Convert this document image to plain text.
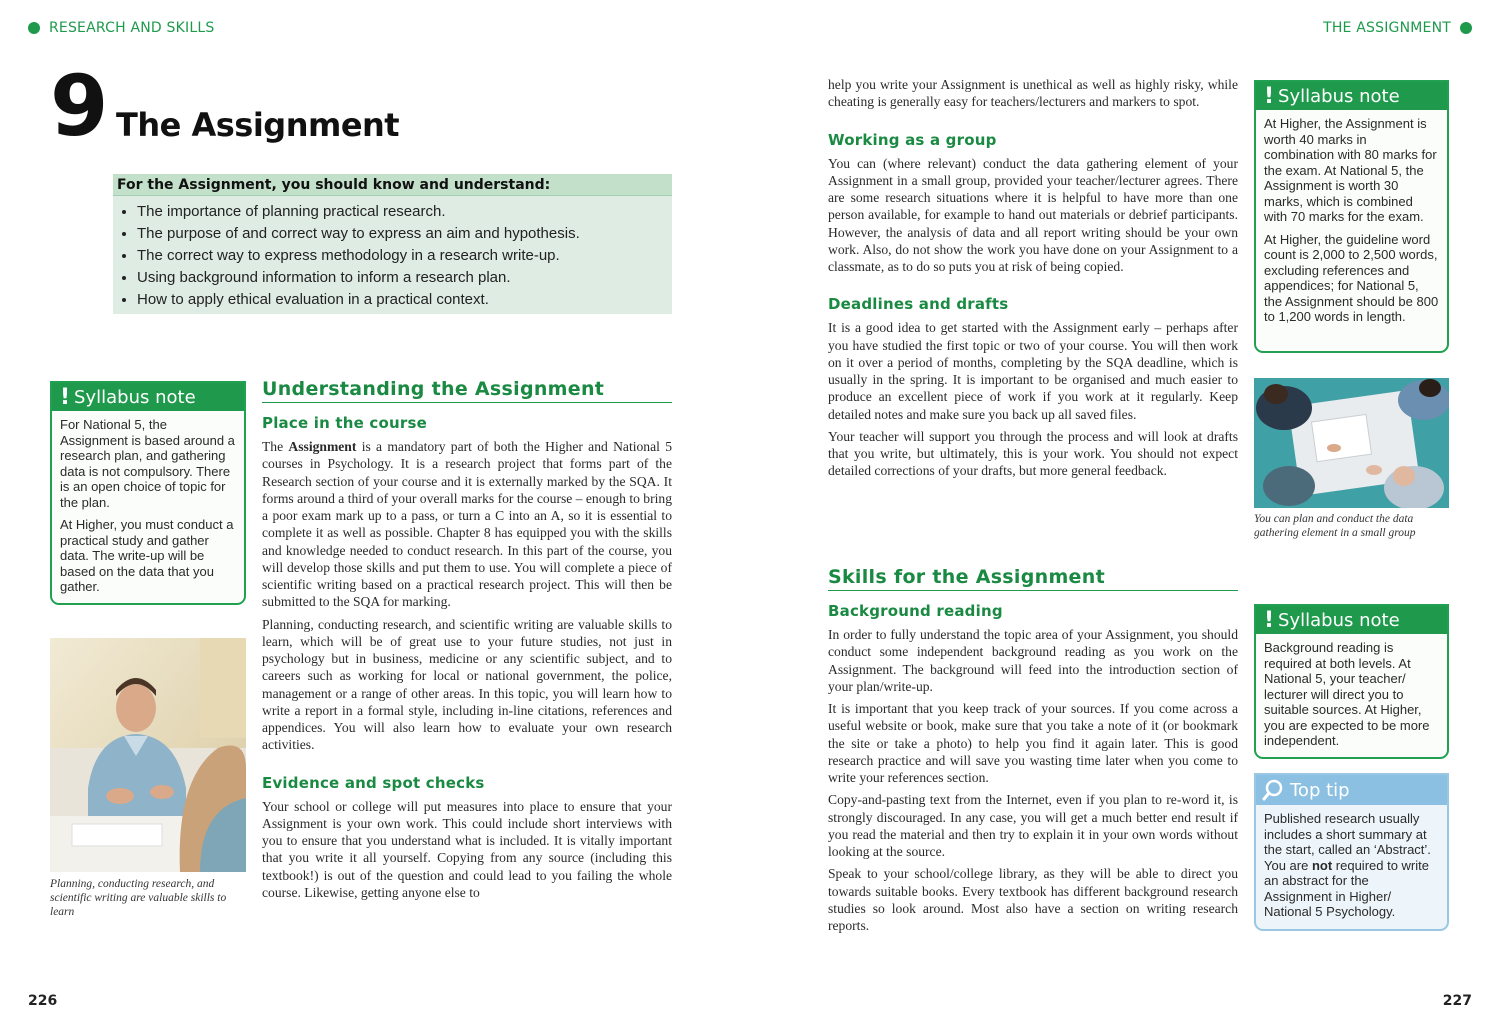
RESEARCH AND SKILLS	THE ASSIGNMENT
9 The Assignment
For the Assignment, you should know and understand:
• The importance of planning practical research.
• The purpose of and correct way to express an aim and hypothesis.
• The correct way to express methodology in a research write-up.
• Using background information to inform a research plan.
• How to apply ethical evaluation in a practical context.
! Syllabus note

For National 5, the Assignment is based around a research plan, and gathering data is not compulsory. There is an open choice of topic for the plan.

At Higher, you must conduct a practical study and gather data. The write-up will be based on the data that you gather.

Planning, conducting research, and scientific writing are valuable skills to learn
Understanding the Assignment
Place in the course

The Assignment is a mandatory part of both the Higher and National 5 courses in Psychology. It is a research project that forms part of the Research section of your course and it is externally marked by the SQA. It forms around a third of your overall marks for the course – enough to bring a poor exam mark up to a pass, or turn a C into an A, so it is essential to complete it as well as possible. Chapter 8 has equipped you with the skills and knowledge needed to conduct research. In this part of the course, you will develop those skills and put them to use. You will complete a piece of scientific writing based on a practical research project. This will then be submitted to the SQA for marking.

Planning, conducting research, and scientific writing are valuable skills to learn, which will be of great use to your future studies, not just in psychology but in business, medicine or any scientific subject, and to careers such as working for local or national government, the police, management or a range of other areas. In this topic, you will learn how to write a report in a formal style, including in-line citations, references and appendices. You will also learn how to evaluate your own research activities.

Evidence and spot checks

Your school or college will put measures into place to ensure that your Assignment is your own work. This could include short interviews with you to ensure that you understand what is included. It is vitally important that you write it all yourself. Copying from any source (including this textbook!) is out of the question and could lead to you failing the whole course. Likewise, getting anyone else to

help you write your Assignment is unethical as well as highly risky, while cheating is generally easy for teachers/lecturers and markers to spot.

Working as a group

You can (where relevant) conduct the data gathering element of your Assignment in a small group, provided your teacher/lecturer agrees. There are some research situations where it is helpful to have more than one person available, for example to hand out materials or debrief participants. However, the analysis of data and all report writing should be your own work. Also, do not show the work you have done on your Assignment to a classmate, as to do so puts you at risk of being copied.

Deadlines and drafts

It is a good idea to get started with the Assignment early – perhaps after you have studied the first topic or two of your course. You will then work on it over a period of months, completing by the SQA deadline, which is usually in the spring. It is important to be organised and much easier to produce an excellent piece of work if you work at it regularly. Keep detailed notes and make sure you back up all saved files.

Your teacher will support you through the process and will look at drafts that you write, but ultimately, this is your work. You should not expect detailed corrections of your drafts, but more general feedback.

Skills for the Assignment
Background reading

In order to fully understand the topic area of your Assignment, you should conduct some independent background reading as you work on the Assignment. The background will feed into the introduction section of your plan/write-up.

It is important that you keep track of your sources. If you come across a useful website or book, make sure that you take a note of it (or bookmark the site or take a photo) to help you find it again later. This is good research practice and will save you wasting time later when you come to write your references section.

Copy-and-pasting text from the Internet, even if you plan to re-word it, is strongly discouraged. In any case, you will get a much better end result if you read the material and then try to explain it in your own words without looking at the source.

Speak to your school/college library, as they will be able to direct you towards suitable books. Every textbook has different background research studies so look around. Most also have a section on writing research reports.

! Syllabus note

At Higher, the Assignment is worth 40 marks in combination with 80 marks for the exam. At National 5, the Assignment is worth 30 marks, which is combined with 70 marks for the exam.

At Higher, the guideline word count is 2,000 to 2,500 words, excluding references and appendices; for National 5, the Assignment should be 800 to 1,200 words in length.

You can plan and conduct the data gathering element in a small group
! Syllabus note

Background reading is required at both levels. At National 5, your teacher/ lecturer will direct you to suitable sources. At Higher, you are expected to be more independent.

Top tip

Published research usually includes a short summary at the start, called an ‘Abstract’. You are not required to write an abstract for the Assignment in Higher/ National 5 Psychology.

226	227
